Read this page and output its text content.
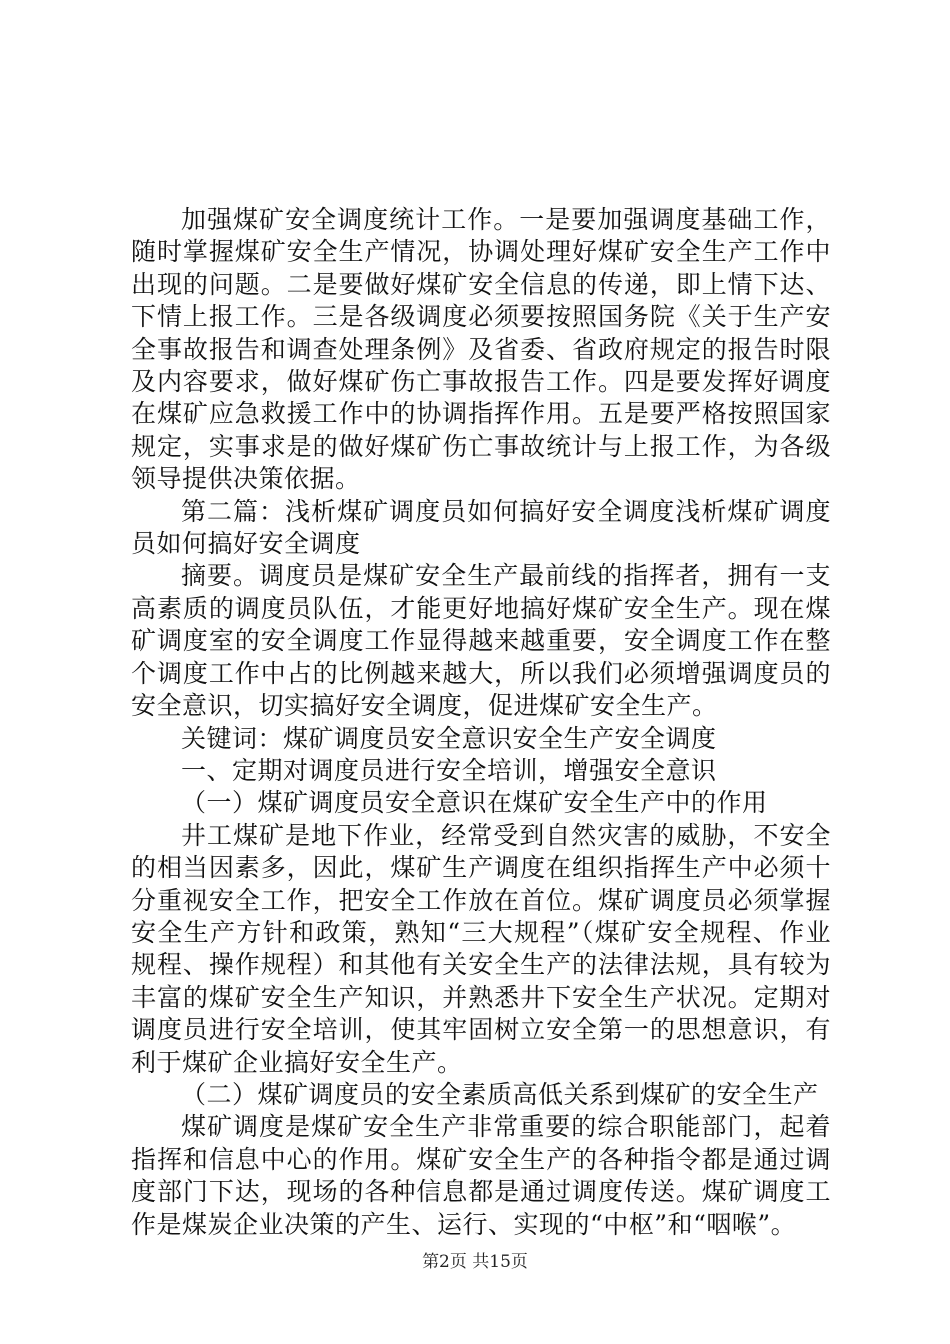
加强煤矿安全调度统计工作。一是要加强调度基础工作，随时掌握煤矿安全生产情况，协调处理好煤矿安全生产工作中出现的问题。二是要做好煤矿安全信息的传递，即上情下达、下情上报工作。三是各级调度必须要按照国务院《关于生产安全事故报告和调查处理条例》及省委、省政府规定的报告时限及内容要求，做好煤矿伤亡事故报告工作。四是要发挥好调度在煤矿应急救援工作中的协调指挥作用。五是要严格按照国家规定，实事求是的做好煤矿伤亡事故统计与上报工作，为各级领导提供决策依据。

第二篇：浅析煤矿调度员如何搞好安全调度浅析煤矿调度员如何搞好安全调度

摘要。调度员是煤矿安全生产最前线的指挥者，拥有一支高素质的调度员队伍，才能更好地搞好煤矿安全生产。现在煤矿调度室的安全调度工作显得越来越重要，安全调度工作在整个调度工作中占的比例越来越大，所以我们必须增强调度员的安全意识，切实搞好安全调度，促进煤矿安全生产。

关键词：煤矿调度员安全意识安全生产安全调度

一、定期对调度员进行安全培训，增强安全意识

（一）煤矿调度员安全意识在煤矿安全生产中的作用

井工煤矿是地下作业，经常受到自然灾害的威胁，不安全的相当因素多，因此，煤矿生产调度在组织指挥生产中必须十分重视安全工作，把安全工作放在首位。煤矿调度员必须掌握安全生产方针和政策，熟知“三大规程”（煤矿安全规程、作业规程、操作规程）和其他有关安全生产的法律法规，具有较为丰富的煤矿安全生产知识，并熟悉井下安全生产状况。定期对调度员进行安全培训，使其牢固树立安全第一的思想意识，有利于煤矿企业搞好安全生产。

（二）煤矿调度员的安全素质高低关系到煤矿的安全生产

煤矿调度是煤矿安全生产非常重要的综合职能部门，起着指挥和信息中心的作用。煤矿安全生产的各种指令都是通过调度部门下达，现场的各种信息都是通过调度传送。煤矿调度工作是煤炭企业决策的产生、运行、实现的“中枢”和“咽喉”。

第2页 共15页
